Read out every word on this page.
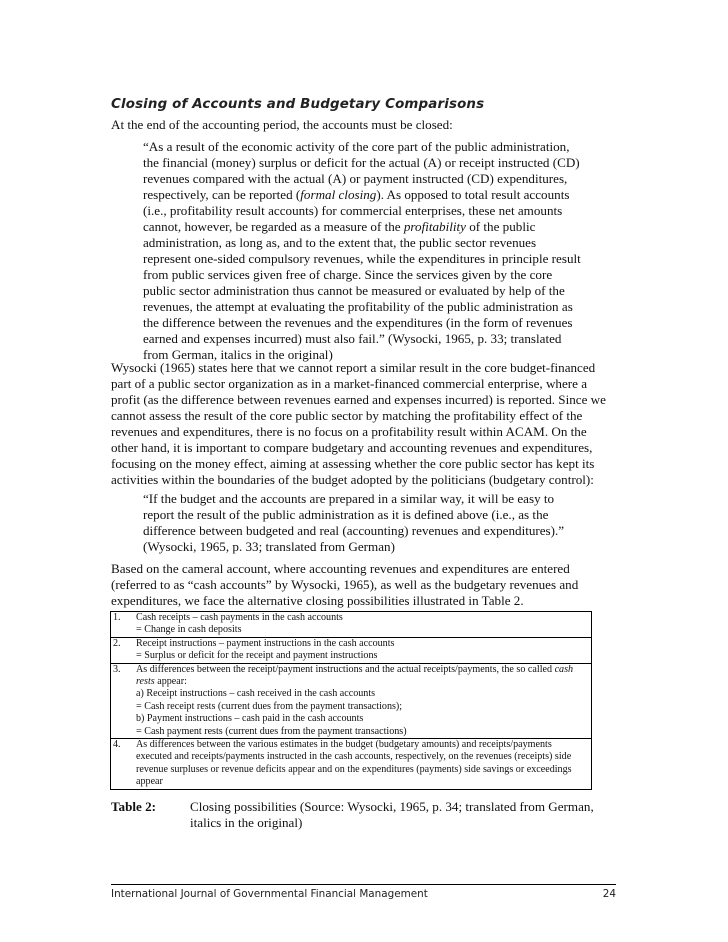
Closing of Accounts and Budgetary Comparisons

At the end of the accounting period, the accounts must be closed:

“As a result of the economic activity of the core part of the public administration, the financial (money) surplus or deficit for the actual (A) or receipt instructed (CD) revenues compared with the actual (A) or payment instructed (CD) expenditures, respectively, can be reported (formal closing). As opposed to total result accounts (i.e., profitability result accounts) for commercial enterprises, these net amounts cannot, however, be regarded as a measure of the profitability of the public administration, as long as, and to the extent that, the public sector revenues represent one-sided compulsory revenues, while the expenditures in principle result from public services given free of charge. Since the services given by the core public sector administration thus cannot be measured or evaluated by help of the revenues, the attempt at evaluating the profitability of the public administration as the difference between the revenues and the expenditures (in the form of revenues earned and expenses incurred) must also fail.” (Wysocki, 1965, p. 33; translated from German, italics in the original)

Wysocki (1965) states here that we cannot report a similar result in the core budget-financed part of a public sector organization as in a market-financed commercial enterprise, where a profit (as the difference between revenues earned and expenses incurred) is reported. Since we cannot assess the result of the core public sector by matching the profitability effect of the revenues and expenditures, there is no focus on a profitability result within ACAM. On the other hand, it is important to compare budgetary and accounting revenues and expenditures, focusing on the money effect, aiming at assessing whether the core public sector has kept its activities within the boundaries of the budget adopted by the politicians (budgetary control):

“If the budget and the accounts are prepared in a similar way, it will be easy to report the result of the public administration as it is defined above (i.e., as the difference between budgeted and real (accounting) revenues and expenditures).” (Wysocki, 1965, p. 33; translated from German)

Based on the cameral account, where accounting revenues and expenditures are entered (referred to as “cash accounts” by Wysocki, 1965), as well as the budgetary revenues and expenditures, we face the alternative closing possibilities illustrated in Table 2.

1.	Cash receipts – cash payments in the cash accounts
= Change in cash deposits
2.	Receipt instructions – payment instructions in the cash accounts
= Surplus or deficit for the receipt and payment instructions
3.	As differences between the receipt/payment instructions and the actual receipts/payments, the so called cash rests appear:
a) Receipt instructions – cash received in the cash accounts
= Cash receipt rests (current dues from the payment transactions);
b) Payment instructions – cash paid in the cash accounts
= Cash payment rests (current dues from the payment transactions)
4.	As differences between the various estimates in the budget (budgetary amounts) and receipts/payments executed and receipts/payments instructed in the cash accounts, respectively, on the revenues (receipts) side revenue surpluses or revenue deficits appear and on the expenditures (payments) side savings or exceedings appear
Table 2:	Closing possibilities (Source: Wysocki, 1965, p. 34; translated from German, italics in the original)
International Journal of Governmental Financial Management	24
